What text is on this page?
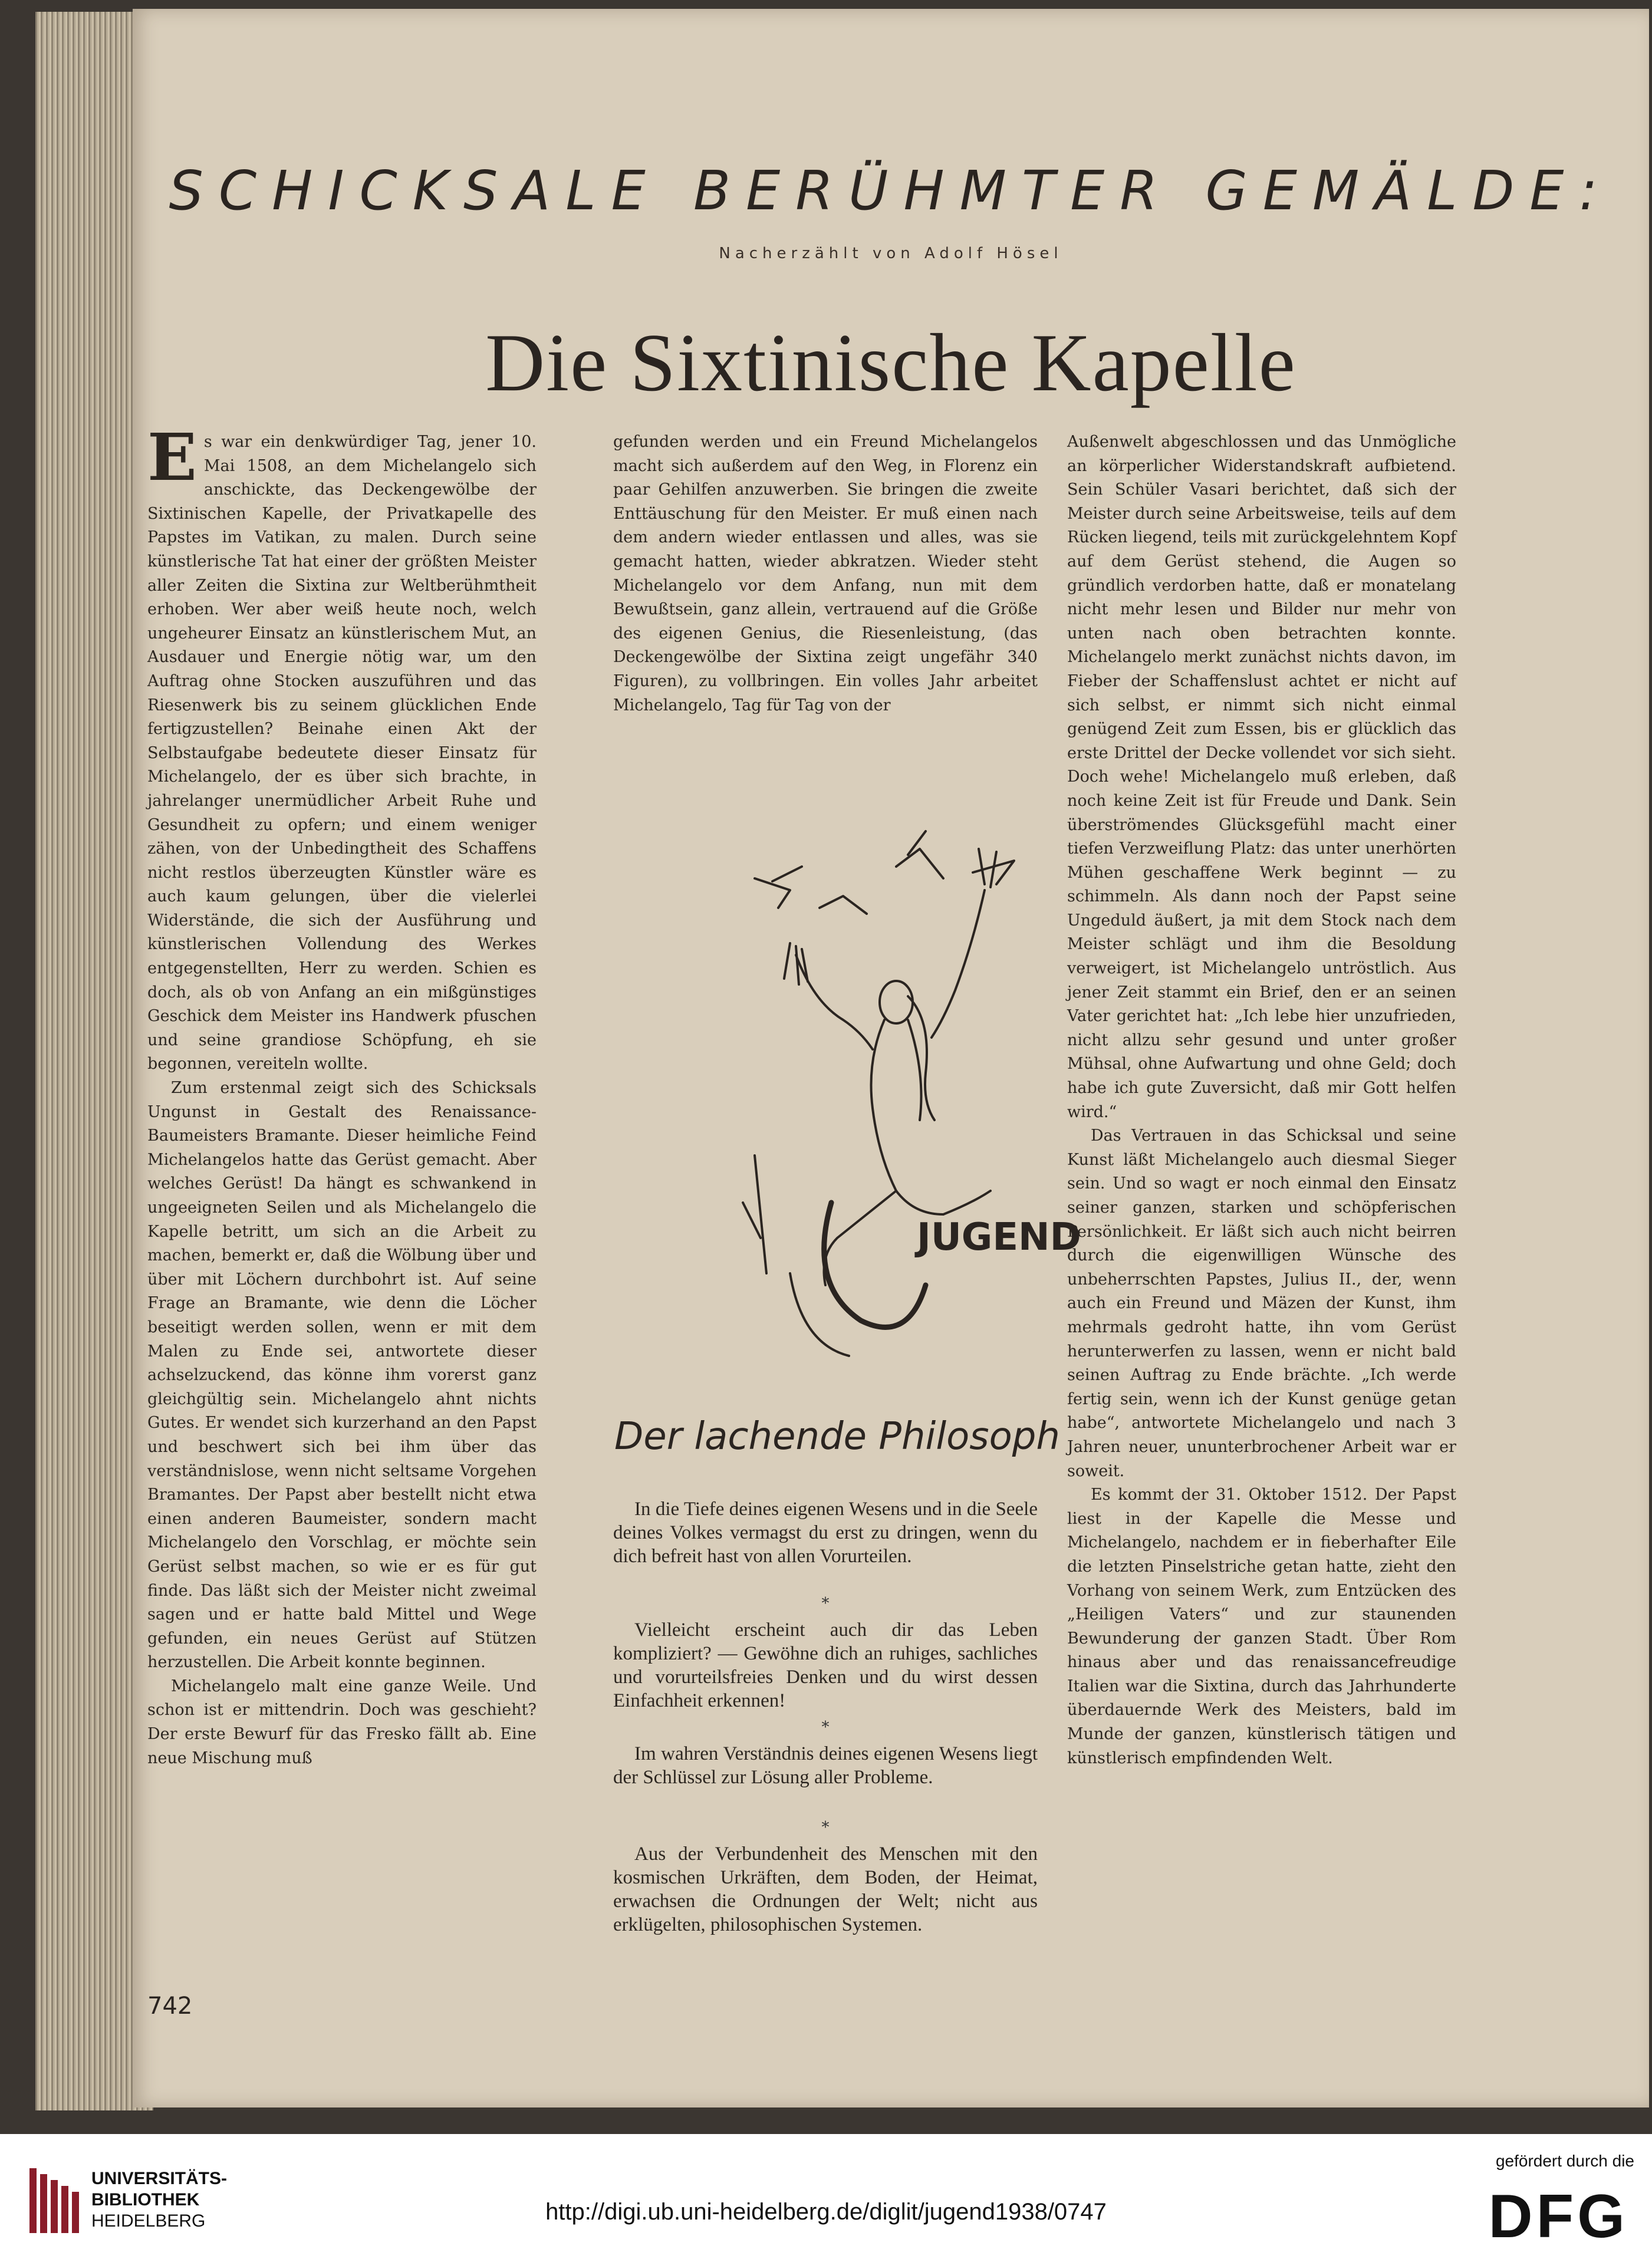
SCHICKSALE BERÜHMTER GEMÄLDE:
Nacherzählt von Adolf Hösel
Die Sixtinische Kapelle

Es war ein denkwürdiger Tag, jener 10. Mai 1508, an dem Michelangelo sich anschickte, das Deckengewölbe der Sixtinischen Kapelle, der Privatkapelle des Papstes im Vatikan, zu malen. Durch seine künstlerische Tat hat einer der größten Meister aller Zeiten die Sixtina zur Weltberühmtheit erhoben. Wer aber weiß heute noch, welch ungeheurer Einsatz an künstlerischem Mut, an Ausdauer und Energie nötig war, um den Auftrag ohne Stocken auszuführen und das Riesenwerk bis zu seinem glücklichen Ende fertigzustellen? Beinahe einen Akt der Selbstaufgabe bedeutete dieser Einsatz für Michelangelo, der es über sich brachte, in jahrelanger unermüdlicher Arbeit Ruhe und Gesundheit zu opfern; und einem weniger zähen, von der Unbedingtheit des Schaffens nicht restlos überzeugten Künstler wäre es auch kaum gelungen, über die vielerlei Widerstände, die sich der Ausführung und künstlerischen Vollendung des Werkes entgegenstellten, Herr zu werden. Schien es doch, als ob von Anfang an ein mißgünstiges Geschick dem Meister ins Handwerk pfuschen und seine grandiose Schöpfung, eh sie begonnen, vereiteln wollte.

Zum erstenmal zeigt sich des Schicksals Ungunst in Gestalt des Renaissance-Baumeisters Bramante. Dieser heimliche Feind Michelangelos hatte das Gerüst gemacht. Aber welches Gerüst! Da hängt es schwankend in ungeeigneten Seilen und als Michelangelo die Kapelle betritt, um sich an die Arbeit zu machen, bemerkt er, daß die Wölbung über und über mit Löchern durchbohrt ist. Auf seine Frage an Bramante, wie denn die Löcher beseitigt werden sollen, wenn er mit dem Malen zu Ende sei, antwortete dieser achselzuckend, das könne ihm vorerst ganz gleichgültig sein. Michelangelo ahnt nichts Gutes. Er wendet sich kurzerhand an den Papst und beschwert sich bei ihm über das verständnislose, wenn nicht seltsame Vorgehen Bramantes. Der Papst aber bestellt nicht etwa einen anderen Baumeister, sondern macht Michelangelo den Vorschlag, er möchte sein Gerüst selbst machen, so wie er es für gut finde. Das läßt sich der Meister nicht zweimal sagen und er hatte bald Mittel und Wege gefunden, ein neues Gerüst auf Stützen herzustellen. Die Arbeit konnte beginnen.

Michelangelo malt eine ganze Weile. Und schon ist er mittendrin. Doch was geschieht? Der erste Bewurf für das Fresko fällt ab. Eine neue Mischung muß

gefunden werden und ein Freund Michelangelos macht sich außerdem auf den Weg, in Florenz ein paar Gehilfen anzuwerben. Sie bringen die zweite Enttäuschung für den Meister. Er muß einen nach dem andern wieder entlassen und alles, was sie gemacht hatten, wieder abkratzen. Wieder steht Michelangelo vor dem Anfang, nun mit dem Bewußtsein, ganz allein, vertrauend auf die Größe des eigenen Genius, die Riesenleistung, (das Deckengewölbe der Sixtina zeigt ungefähr 340 Figuren), zu vollbringen. Ein volles Jahr arbeitet Michelangelo, Tag für Tag von der

JUGEND
Der lachende Philosoph

In die Tiefe deines eigenen Wesens und in die Seele deines Volkes vermagst du erst zu dringen, wenn du dich befreit hast von allen Vorurteilen.

*

Vielleicht erscheint auch dir das Leben kompliziert? — Gewöhne dich an ruhiges, sachliches und vorurteilsfreies Denken und du wirst dessen Einfachheit erkennen!

*

Im wahren Verständnis deines eigenen Wesens liegt der Schlüssel zur Lösung aller Probleme.

*

Aus der Verbundenheit des Menschen mit den kosmischen Urkräften, dem Boden, der Heimat, erwachsen die Ordnungen der Welt; nicht aus erklügelten, philosophischen Systemen.

Außenwelt abgeschlossen und das Unmögliche an körperlicher Widerstandskraft aufbietend. Sein Schüler Vasari berichtet, daß sich der Meister durch seine Arbeitsweise, teils auf dem Rücken liegend, teils mit zurückgelehntem Kopf auf dem Gerüst stehend, die Augen so gründlich verdorben hatte, daß er monatelang nicht mehr lesen und Bilder nur mehr von unten nach oben betrachten konnte. Michelangelo merkt zunächst nichts davon, im Fieber der Schaffenslust achtet er nicht auf sich selbst, er nimmt sich nicht einmal genügend Zeit zum Essen, bis er glücklich das erste Drittel der Decke vollendet vor sich sieht. Doch wehe! Michelangelo muß erleben, daß noch keine Zeit ist für Freude und Dank. Sein überströmendes Glücksgefühl macht einer tiefen Verzweiflung Platz: das unter unerhörten Mühen geschaffene Werk beginnt — zu schimmeln. Als dann noch der Papst seine Ungeduld äußert, ja mit dem Stock nach dem Meister schlägt und ihm die Besoldung verweigert, ist Michelangelo untröstlich. Aus jener Zeit stammt ein Brief, den er an seinen Vater gerichtet hat: „Ich lebe hier unzufrieden, nicht allzu sehr gesund und unter großer Mühsal, ohne Aufwartung und ohne Geld; doch habe ich gute Zuversicht, daß mir Gott helfen wird.“

Das Vertrauen in das Schicksal und seine Kunst läßt Michelangelo auch diesmal Sieger sein. Und so wagt er noch einmal den Einsatz seiner ganzen, starken und schöpferischen Persönlichkeit. Er läßt sich auch nicht beirren durch die eigenwilligen Wünsche des unbeherrschten Papstes, Julius II., der, wenn auch ein Freund und Mäzen der Kunst, ihm mehrmals gedroht hatte, ihn vom Gerüst herunterwerfen zu lassen, wenn er nicht bald seinen Auftrag zu Ende brächte. „Ich werde fertig sein, wenn ich der Kunst genüge getan habe“, antwortete Michelangelo und nach 3 Jahren neuer, ununterbrochener Arbeit war er soweit.

Es kommt der 31. Oktober 1512. Der Papst liest in der Kapelle die Messe und Michelangelo, nachdem er in fieberhafter Eile die letzten Pinselstriche getan hatte, zieht den Vorhang von seinem Werk, zum Entzücken des „Heiligen Vaters“ und zur staunenden Bewunderung der ganzen Stadt. Über Rom hinaus aber und das renaissancefreudige Italien war die Sixtina, durch das Jahrhunderte überdauernde Werk des Meisters, bald im Munde der ganzen, künstlerisch tätigen und künstlerisch empfindenden Welt.

742
UNIVERSITÄTS-
BIBLIOTHEK
HEIDELBERG	http://digi.ub.uni-heidelberg.de/diglit/jugend1938/0747
gefördert durch die
DFG
